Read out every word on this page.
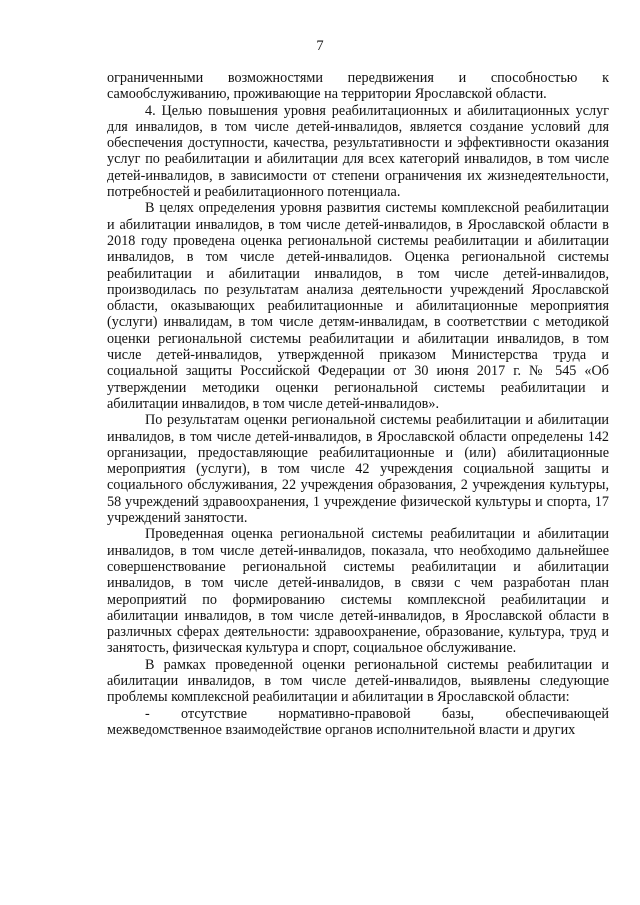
7

ограниченными возможностями передвижения и способностью к самообслуживанию, проживающие на территории Ярославской области.

4. Целью повышения уровня реабилитационных и абилитационных услуг для инвалидов, в том числе детей-инвалидов, является создание условий для обеспечения доступности, качества, результативности и эффективности оказания услуг по реабилитации и абилитации для всех категорий инвалидов, в том числе детей-инвалидов, в зависимости от степени ограничения их жизнедеятельности, потребностей и реабилитационного потенциала.

В целях определения уровня развития системы комплексной реабилитации и абилитации инвалидов, в том числе детей-инвалидов, в Ярославской области в 2018 году проведена оценка региональной системы реабилитации и абилитации инвалидов, в том числе детей-инвалидов. Оценка региональной системы реабилитации и абилитации инвалидов, в том числе детей-инвалидов, производилась по результатам анализа деятельности учреждений Ярославской области, оказывающих реабилитационные и абилитационные мероприятия (услуги) инвалидам, в том числе детям-инвалидам, в соответствии с методикой оценки региональной системы реабилитации и абилитации инвалидов, в том числе детей-инвалидов, утвержденной приказом Министерства труда и социальной защиты Российской Федерации от 30 июня 2017 г. № 545 «Об утверждении методики оценки региональной системы реабилитации и абилитации инвалидов, в том числе детей-инвалидов».

По результатам оценки региональной системы реабилитации и абилитации инвалидов, в том числе детей-инвалидов, в Ярославской области определены 142 организации, предоставляющие реабилитационные и (или) абилитационные мероприятия (услуги), в том числе 42 учреждения социальной защиты и социального обслуживания, 22 учреждения образования, 2 учреждения культуры, 58 учреждений здравоохранения, 1 учреждение физической культуры и спорта, 17 учреждений занятости.

Проведенная оценка региональной системы реабилитации и абилитации инвалидов, в том числе детей-инвалидов, показала, что необходимо дальнейшее совершенствование региональной системы реабилитации и абилитации инвалидов, в том числе детей-инвалидов, в связи с чем разработан план мероприятий по формированию системы комплексной реабилитации и абилитации инвалидов, в том числе детей-инвалидов, в Ярославской области в различных сферах деятельности: здравоохранение, образование, культура, труд и занятость, физическая культура и спорт, социальное обслуживание.

В рамках проведенной оценки региональной системы реабилитации и абилитации инвалидов, в том числе детей-инвалидов, выявлены следующие проблемы комплексной реабилитации и абилитации в Ярославской области:

- отсутствие нормативно-правовой базы, обеспечивающей межведомственное взаимодействие органов исполнительной власти и других
